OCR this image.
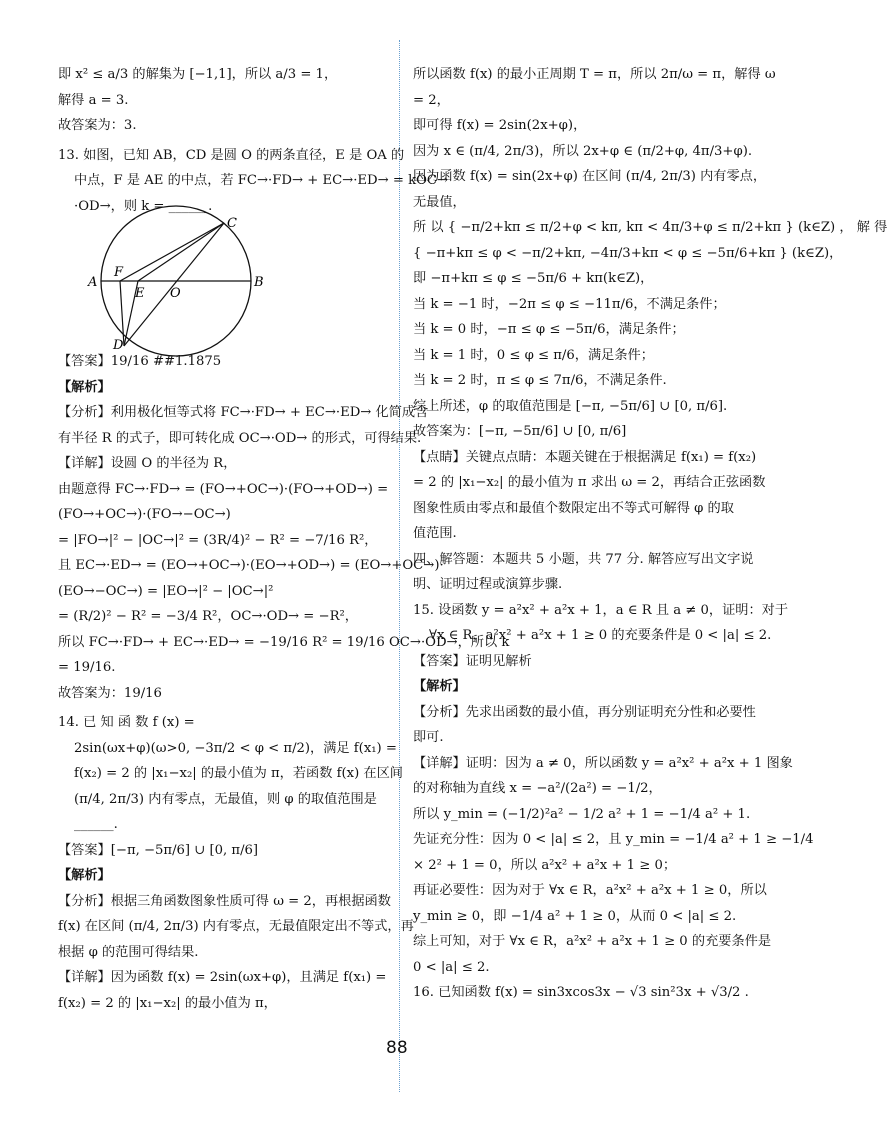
即 x² ≤ a/3 的解集为 [−1,1]，所以 a/3 = 1，
解得 a = 3.
故答案为：3.
13. 如图，已知 AB，CD 是圆 O 的两条直径，E 是 OA 的
中点，F 是 AE 的中点，若 FC→·FD→ + EC→·ED→ = kOC→
·OD→，则 k = ______.
A	B
C
D
F
E O
【答案】19/16 ##1.1875
【解析】
【分析】利用极化恒等式将 FC→·FD→ + EC→·ED→ 化简成含
有半径 R 的式子，即可转化成 OC→·OD→ 的形式，可得结果.
【详解】设圆 O 的半径为 R，
由题意得 FC→·FD→ = (FO→+OC→)·(FO→+OD→) =
(FO→+OC→)·(FO→−OC→)
= |FO→|² − |OC→|² = (3R/4)² − R² = −7/16 R²，
且 EC→·ED→ = (EO→+OC→)·(EO→+OD→) = (EO→+OC→)·
(EO→−OC→) = |EO→|² − |OC→|²
= (R/2)² − R² = −3/4 R²，OC→·OD→ = −R²，
所以 FC→·FD→ + EC→·ED→ = −19/16 R² = 19/16 OC→·OD→，所以 k
= 19/16.
故答案为：19/16
14. 已 知 函 数 f (x) =
2sin(ωx+φ)(ω>0, −3π/2 < φ < π/2)，满足 f(x₁) =
f(x₂) = 2 的 |x₁−x₂| 的最小值为 π，若函数 f(x) 在区间
(π/4, 2π/3) 内有零点，无最值，则 φ 的取值范围是
______.
【答案】[−π, −5π/6] ∪ [0, π/6]
【解析】
【分析】根据三角函数图象性质可得 ω = 2，再根据函数
f(x) 在区间 (π/4, 2π/3) 内有零点，无最值限定出不等式，再
根据 φ 的范围可得结果.
【详解】因为函数 f(x) = 2sin(ωx+φ)，且满足 f(x₁) =
f(x₂) = 2 的 |x₁−x₂| 的最小值为 π，
所以函数 f(x) 的最小正周期 T = π，所以 2π/ω = π，解得 ω
= 2，
即可得 f(x) = 2sin(2x+φ)，
因为 x ∈ (π/4, 2π/3)，所以 2x+φ ∈ (π/2+φ, 4π/3+φ).
因为函数 f(x) = sin(2x+φ) 在区间 (π/4, 2π/3) 内有零点，
无最值，
所 以 { −π/2+kπ ≤ π/2+φ < kπ, kπ < 4π/3+φ ≤ π/2+kπ } (k∈Z) ， 解 得
{ −π+kπ ≤ φ < −π/2+kπ, −4π/3+kπ < φ ≤ −5π/6+kπ } (k∈Z)，
即 −π+kπ ≤ φ ≤ −5π/6 + kπ(k∈Z)，
当 k = −1 时，−2π ≤ φ ≤ −11π/6，不满足条件；
当 k = 0 时，−π ≤ φ ≤ −5π/6，满足条件；
当 k = 1 时，0 ≤ φ ≤ π/6，满足条件；
当 k = 2 时，π ≤ φ ≤ 7π/6，不满足条件.
综上所述，φ 的取值范围是 [−π, −5π/6] ∪ [0, π/6].
故答案为：[−π, −5π/6] ∪ [0, π/6]
【点睛】关键点点睛：本题关键在于根据满足 f(x₁) = f(x₂)
= 2 的 |x₁−x₂| 的最小值为 π 求出 ω = 2，再结合正弦函数
图象性质由零点和最值个数限定出不等式可解得 φ 的取
值范围.
四、解答题：本题共 5 小题，共 77 分. 解答应写出文字说
明、证明过程或演算步骤.
15. 设函数 y = a²x² + a²x + 1，a ∈ R 且 a ≠ 0，证明：对于
∀x ∈ R，a²x² + a²x + 1 ≥ 0 的充要条件是 0 < |a| ≤ 2.
【答案】证明见解析
【解析】
【分析】先求出函数的最小值，再分别证明充分性和必要性
即可.
【详解】证明：因为 a ≠ 0，所以函数 y = a²x² + a²x + 1 图象
的对称轴为直线 x = −a²/(2a²) = −1/2，
所以 y_min = (−1/2)²a² − 1/2 a² + 1 = −1/4 a² + 1.
先证充分性：因为 0 < |a| ≤ 2，且 y_min = −1/4 a² + 1 ≥ −1/4
× 2² + 1 = 0，所以 a²x² + a²x + 1 ≥ 0；
再证必要性：因为对于 ∀x ∈ R，a²x² + a²x + 1 ≥ 0，所以
y_min ≥ 0，即 −1/4 a² + 1 ≥ 0，从而 0 < |a| ≤ 2.
综上可知，对于 ∀x ∈ R，a²x² + a²x + 1 ≥ 0 的充要条件是
0 < |a| ≤ 2.
16. 已知函数 f(x) = sin3xcos3x − √3 sin²3x + √3/2 .
88
